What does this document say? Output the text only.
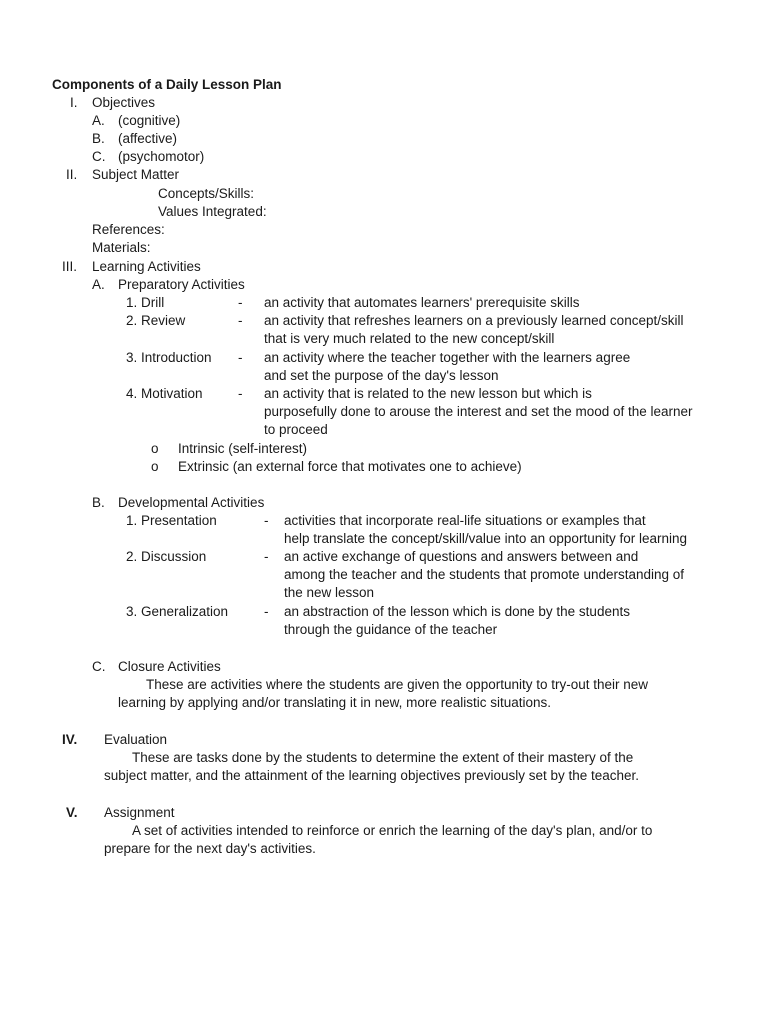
Components of a Daily Lesson Plan
I. Objectives
A. (cognitive)
B. (affective)
C. (psychomotor)
II. Subject Matter
Concepts/Skills:
Values Integrated:
References:
Materials:
III. Learning Activities
A. Preparatory Activities
1. Drill	- an activity that automates learners' prerequisite skills
2. Review	- an activity that refreshes learners on a previously learned concept/skill
that is very much related to the new concept/skill
3. Introduction - an activity where the teacher together with the learners agree
and set the purpose of the day's lesson
4. Motivation	- an activity that is related to the new lesson but which is
purposefully done to arouse the interest and set the mood of the learner
to proceed
o Intrinsic (self-interest)
o Extrinsic (an external force that motivates one to achieve)
B. Developmental Activities
1. Presentation	- activities that incorporate real-life situations or examples that
help translate the concept/skill/value into an opportunity for learning
2. Discussion	- an active exchange of questions and answers between and
among the teacher and the students that promote understanding of
the new lesson
3. Generalization	- an abstraction of the lesson which is done by the students
through the guidance of the teacher
C. Closure Activities
These are activities where the students are given the opportunity to try-out their new
learning by applying and/or translating it in new, more realistic situations.
IV. Evaluation
These are tasks done by the students to determine the extent of their mastery of the
subject matter, and the attainment of the learning objectives previously set by the teacher.
V. Assignment
A set of activities intended to reinforce or enrich the learning of the day's plan, and/or to
prepare for the next day's activities.
